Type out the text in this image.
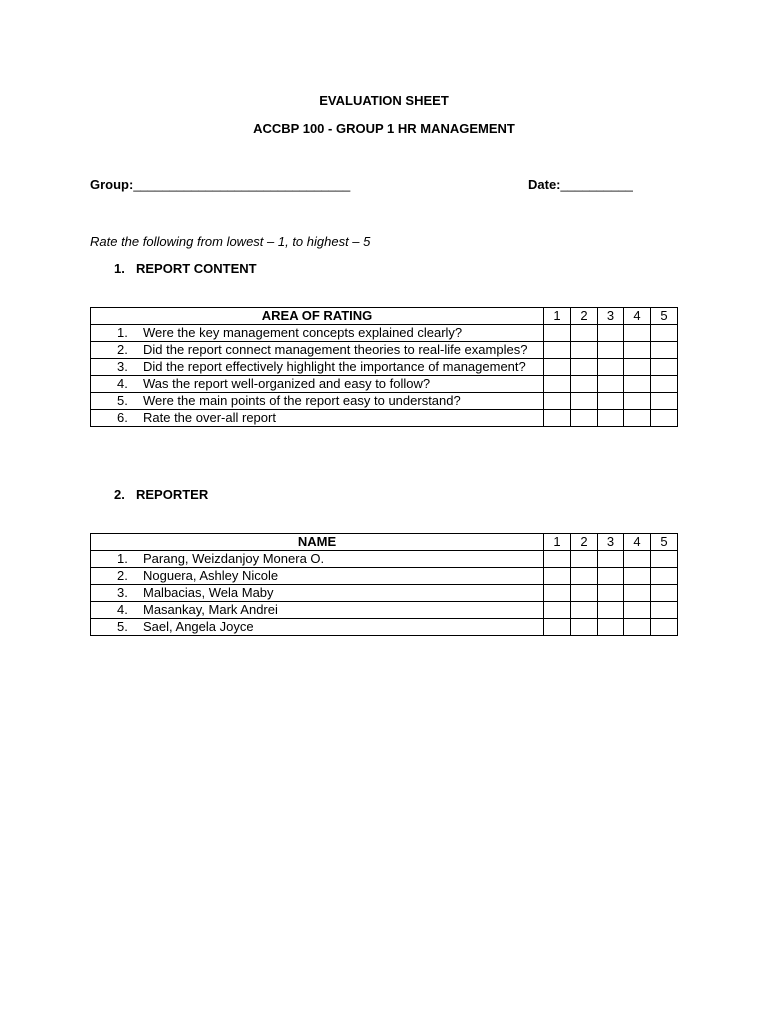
EVALUATION SHEET
ACCBP 100 - GROUP 1 HR MANAGEMENT
Group:______________________________	Date:__________
Rate the following from lowest – 1, to highest – 5
1. REPORT CONTENT
AREA OF RATING	1	2	3	4	5

1. Were the key management concepts explained clearly?					

2. Did the report connect management theories to real-life examples?					

3. Did the report effectively highlight the importance of management?					

4. Was the report well-organized and easy to follow?					

5. Were the main points of the report easy to understand?					

6. Rate the over-all report					

2. REPORTER
NAME	1	2	3	4	5

1. Parang, Weizdanjoy Monera O.					

2. Noguera, Ashley Nicole					

3. Malbacias, Wela Maby					

4. Masankay, Mark Andrei					

5. Sael, Angela Joyce					
